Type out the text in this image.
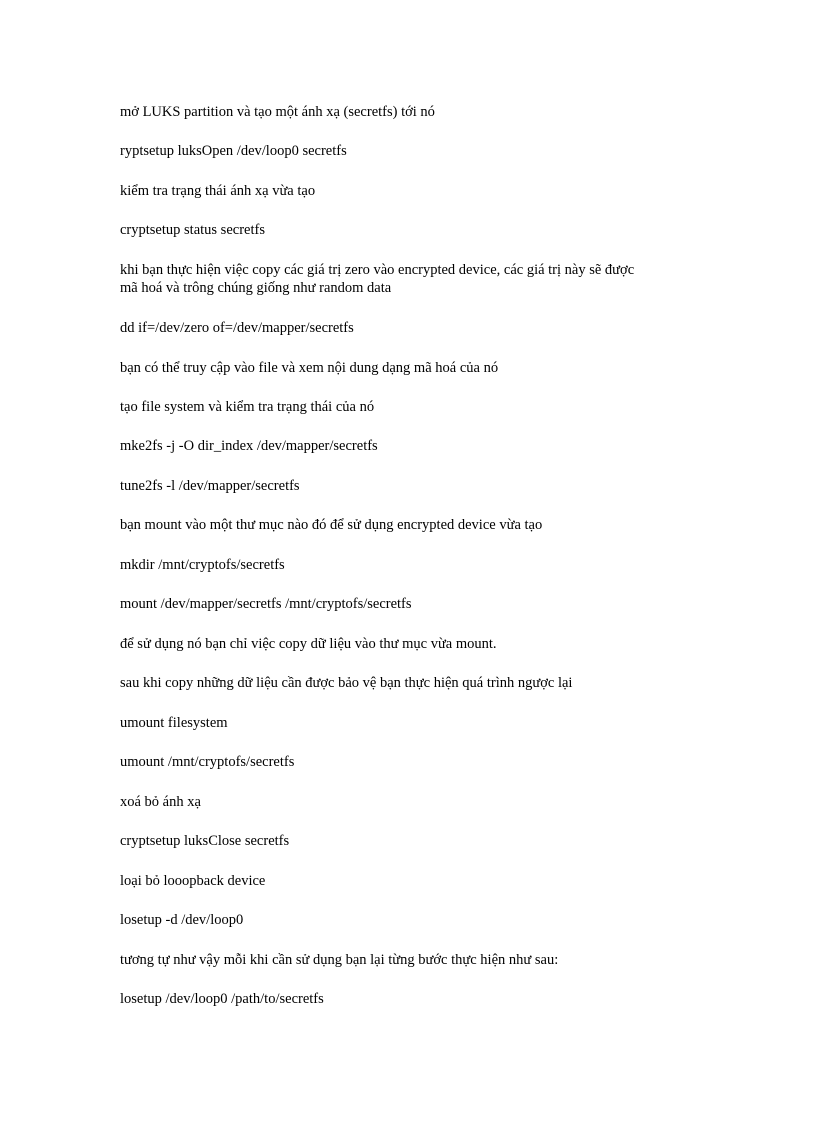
mở LUKS partition và tạo một ánh xạ (secretfs) tới nó

ryptsetup luksOpen /dev/loop0 secretfs

kiểm tra trạng thái ánh xạ vừa tạo

cryptsetup status secretfs

khi bạn thực hiện việc copy các giá trị zero vào encrypted device, các giá trị này sẽ được
mã hoá và trông chúng giống như random data

dd if=/dev/zero of=/dev/mapper/secretfs

bạn có thể truy cập vào file và xem nội dung dạng mã hoá của nó

tạo file system và kiểm tra trạng thái của nó

mke2fs -j -O dir_index /dev/mapper/secretfs

tune2fs -l /dev/mapper/secretfs

bạn mount vào một thư mục nào đó để sử dụng encrypted device vừa tạo

mkdir /mnt/cryptofs/secretfs

mount /dev/mapper/secretfs /mnt/cryptofs/secretfs

để sử dụng nó bạn chỉ việc copy dữ liệu vào thư mục vừa mount.

sau khi copy những dữ liệu cần được bảo vệ bạn thực hiện quá trình ngược lại

umount filesystem

umount /mnt/cryptofs/secretfs

xoá bỏ ánh xạ

cryptsetup luksClose secretfs

loại bỏ looopback device

losetup -d /dev/loop0

tương tự như vậy mỗi khi cần sử dụng bạn lại từng bước thực hiện như sau:

losetup /dev/loop0 /path/to/secretfs
